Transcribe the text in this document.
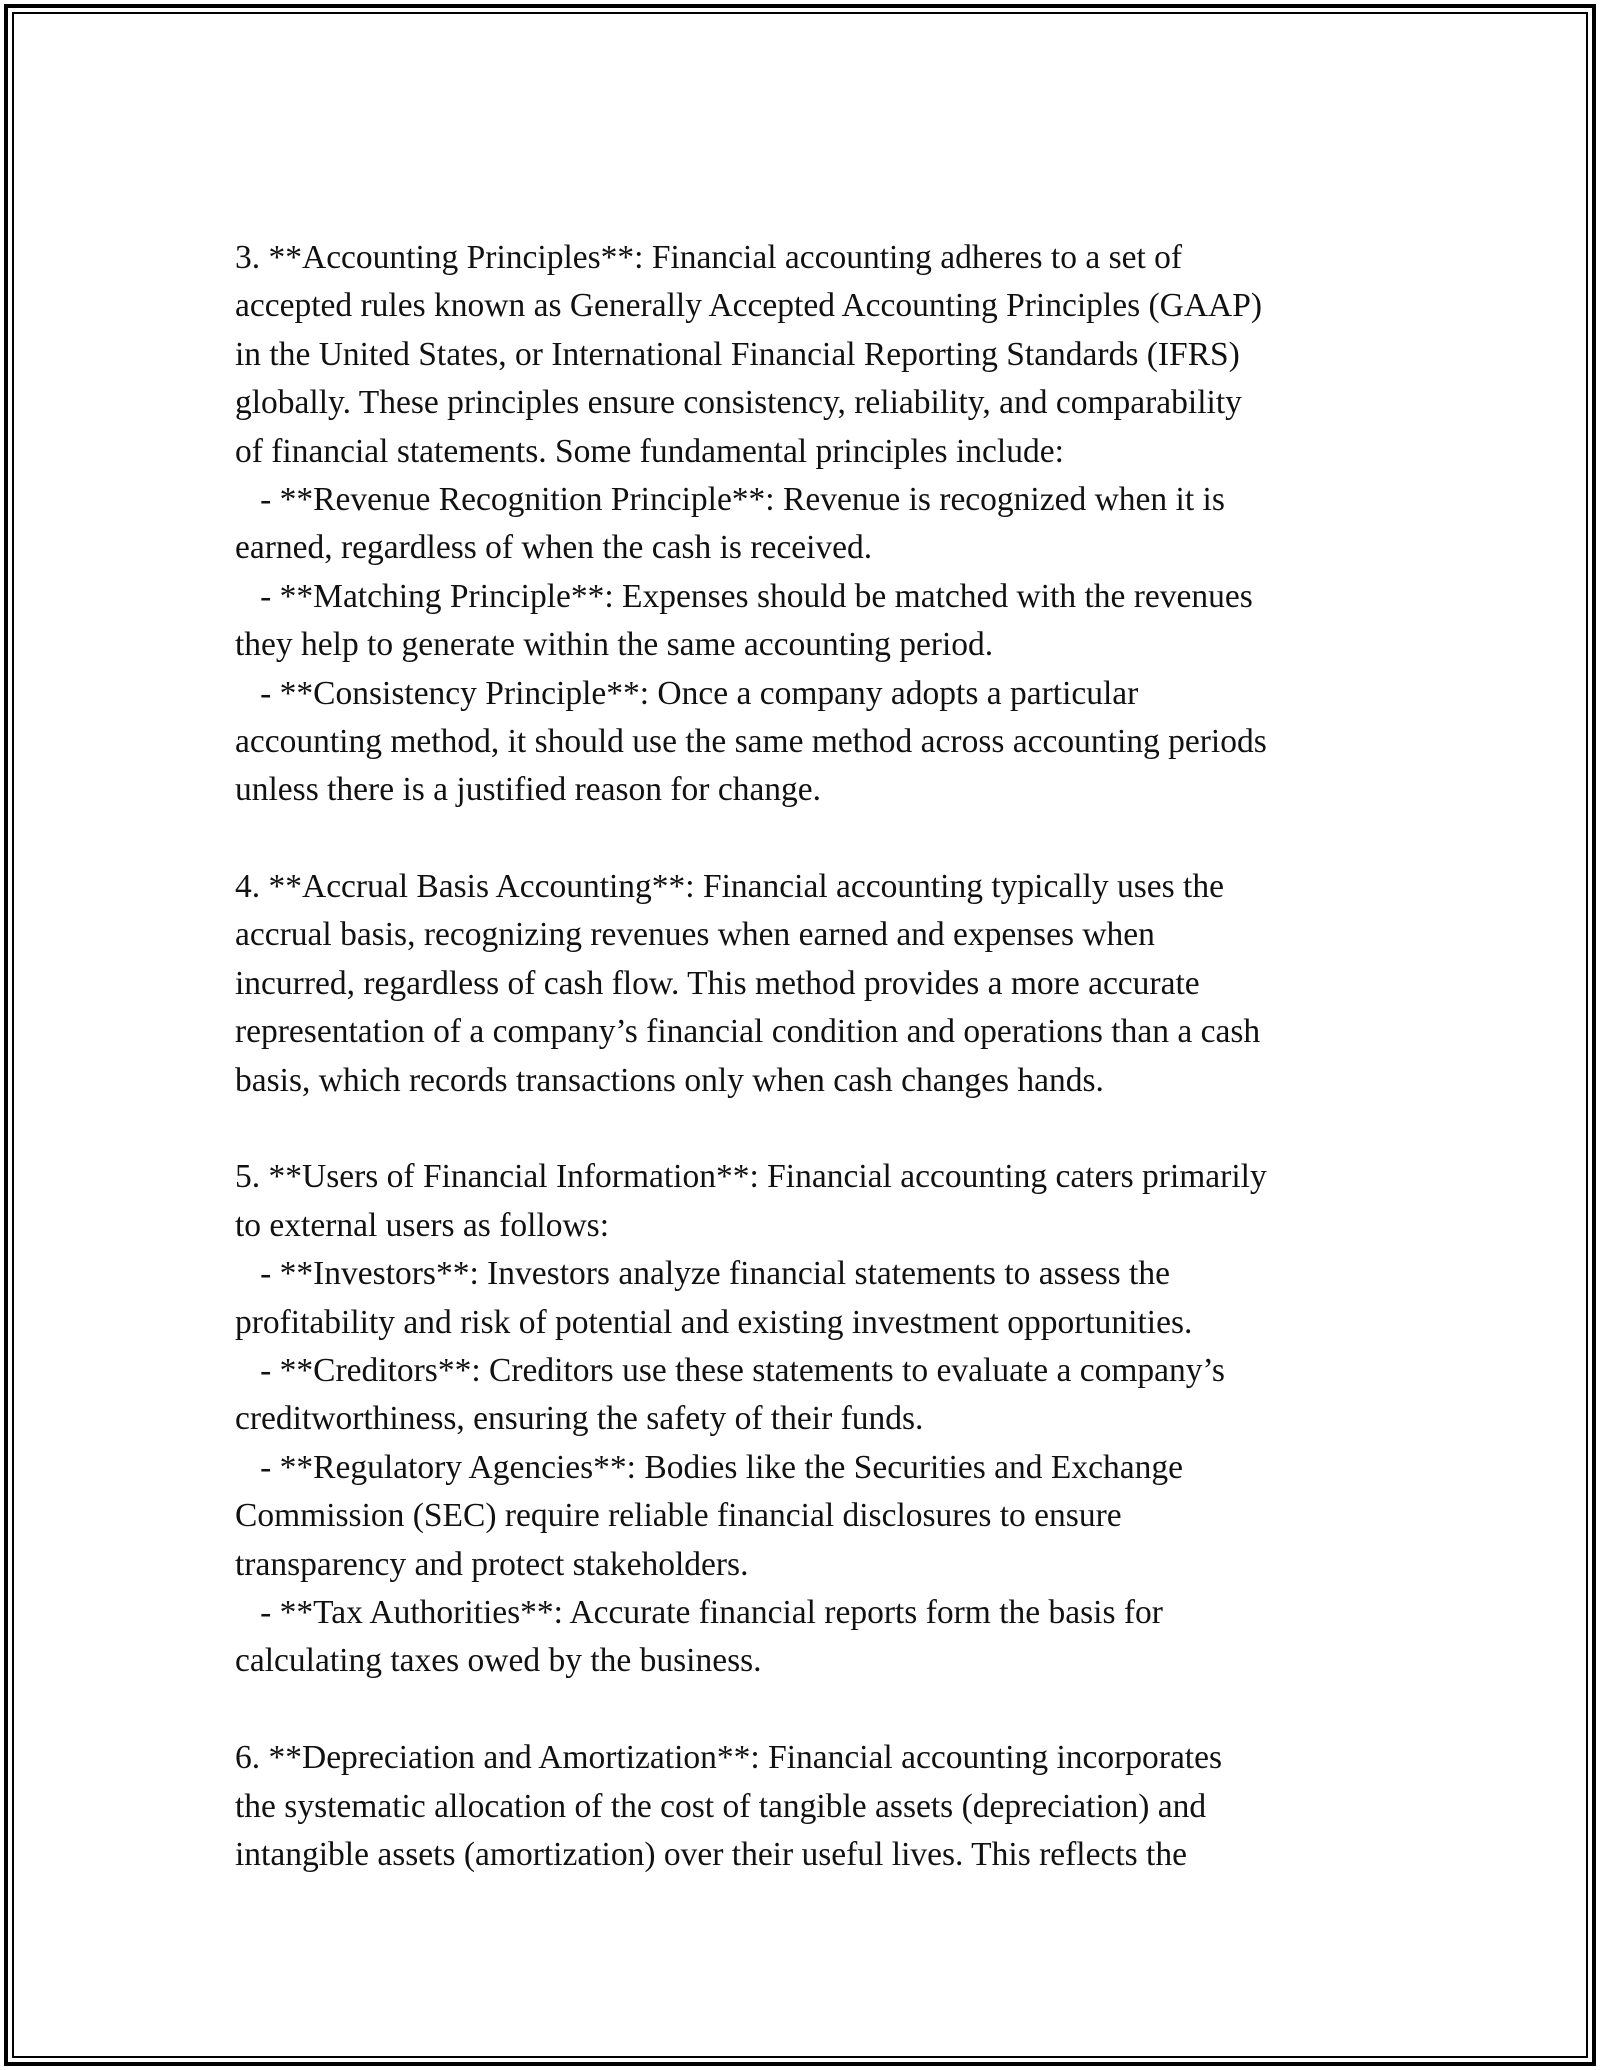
3. **Accounting Principles**: Financial accounting adheres to a set of
accepted rules known as Generally Accepted Accounting Principles (GAAP)
in the United States, or International Financial Reporting Standards (IFRS)
globally. These principles ensure consistency, reliability, and comparability
of financial statements. Some fundamental principles include:
- **Revenue Recognition Principle**: Revenue is recognized when it is
earned, regardless of when the cash is received.
- **Matching Principle**: Expenses should be matched with the revenues
they help to generate within the same accounting period.
- **Consistency Principle**: Once a company adopts a particular
accounting method, it should use the same method across accounting periods
unless there is a justified reason for change.
4. **Accrual Basis Accounting**: Financial accounting typically uses the
accrual basis, recognizing revenues when earned and expenses when
incurred, regardless of cash flow. This method provides a more accurate
representation of a company’s financial condition and operations than a cash
basis, which records transactions only when cash changes hands.
5. **Users of Financial Information**: Financial accounting caters primarily
to external users as follows:
- **Investors**: Investors analyze financial statements to assess the
profitability and risk of potential and existing investment opportunities.
- **Creditors**: Creditors use these statements to evaluate a company’s
creditworthiness, ensuring the safety of their funds.
- **Regulatory Agencies**: Bodies like the Securities and Exchange
Commission (SEC) require reliable financial disclosures to ensure
transparency and protect stakeholders.
- **Tax Authorities**: Accurate financial reports form the basis for
calculating taxes owed by the business.
6. **Depreciation and Amortization**: Financial accounting incorporates
the systematic allocation of the cost of tangible assets (depreciation) and
intangible assets (amortization) over their useful lives. This reflects the
